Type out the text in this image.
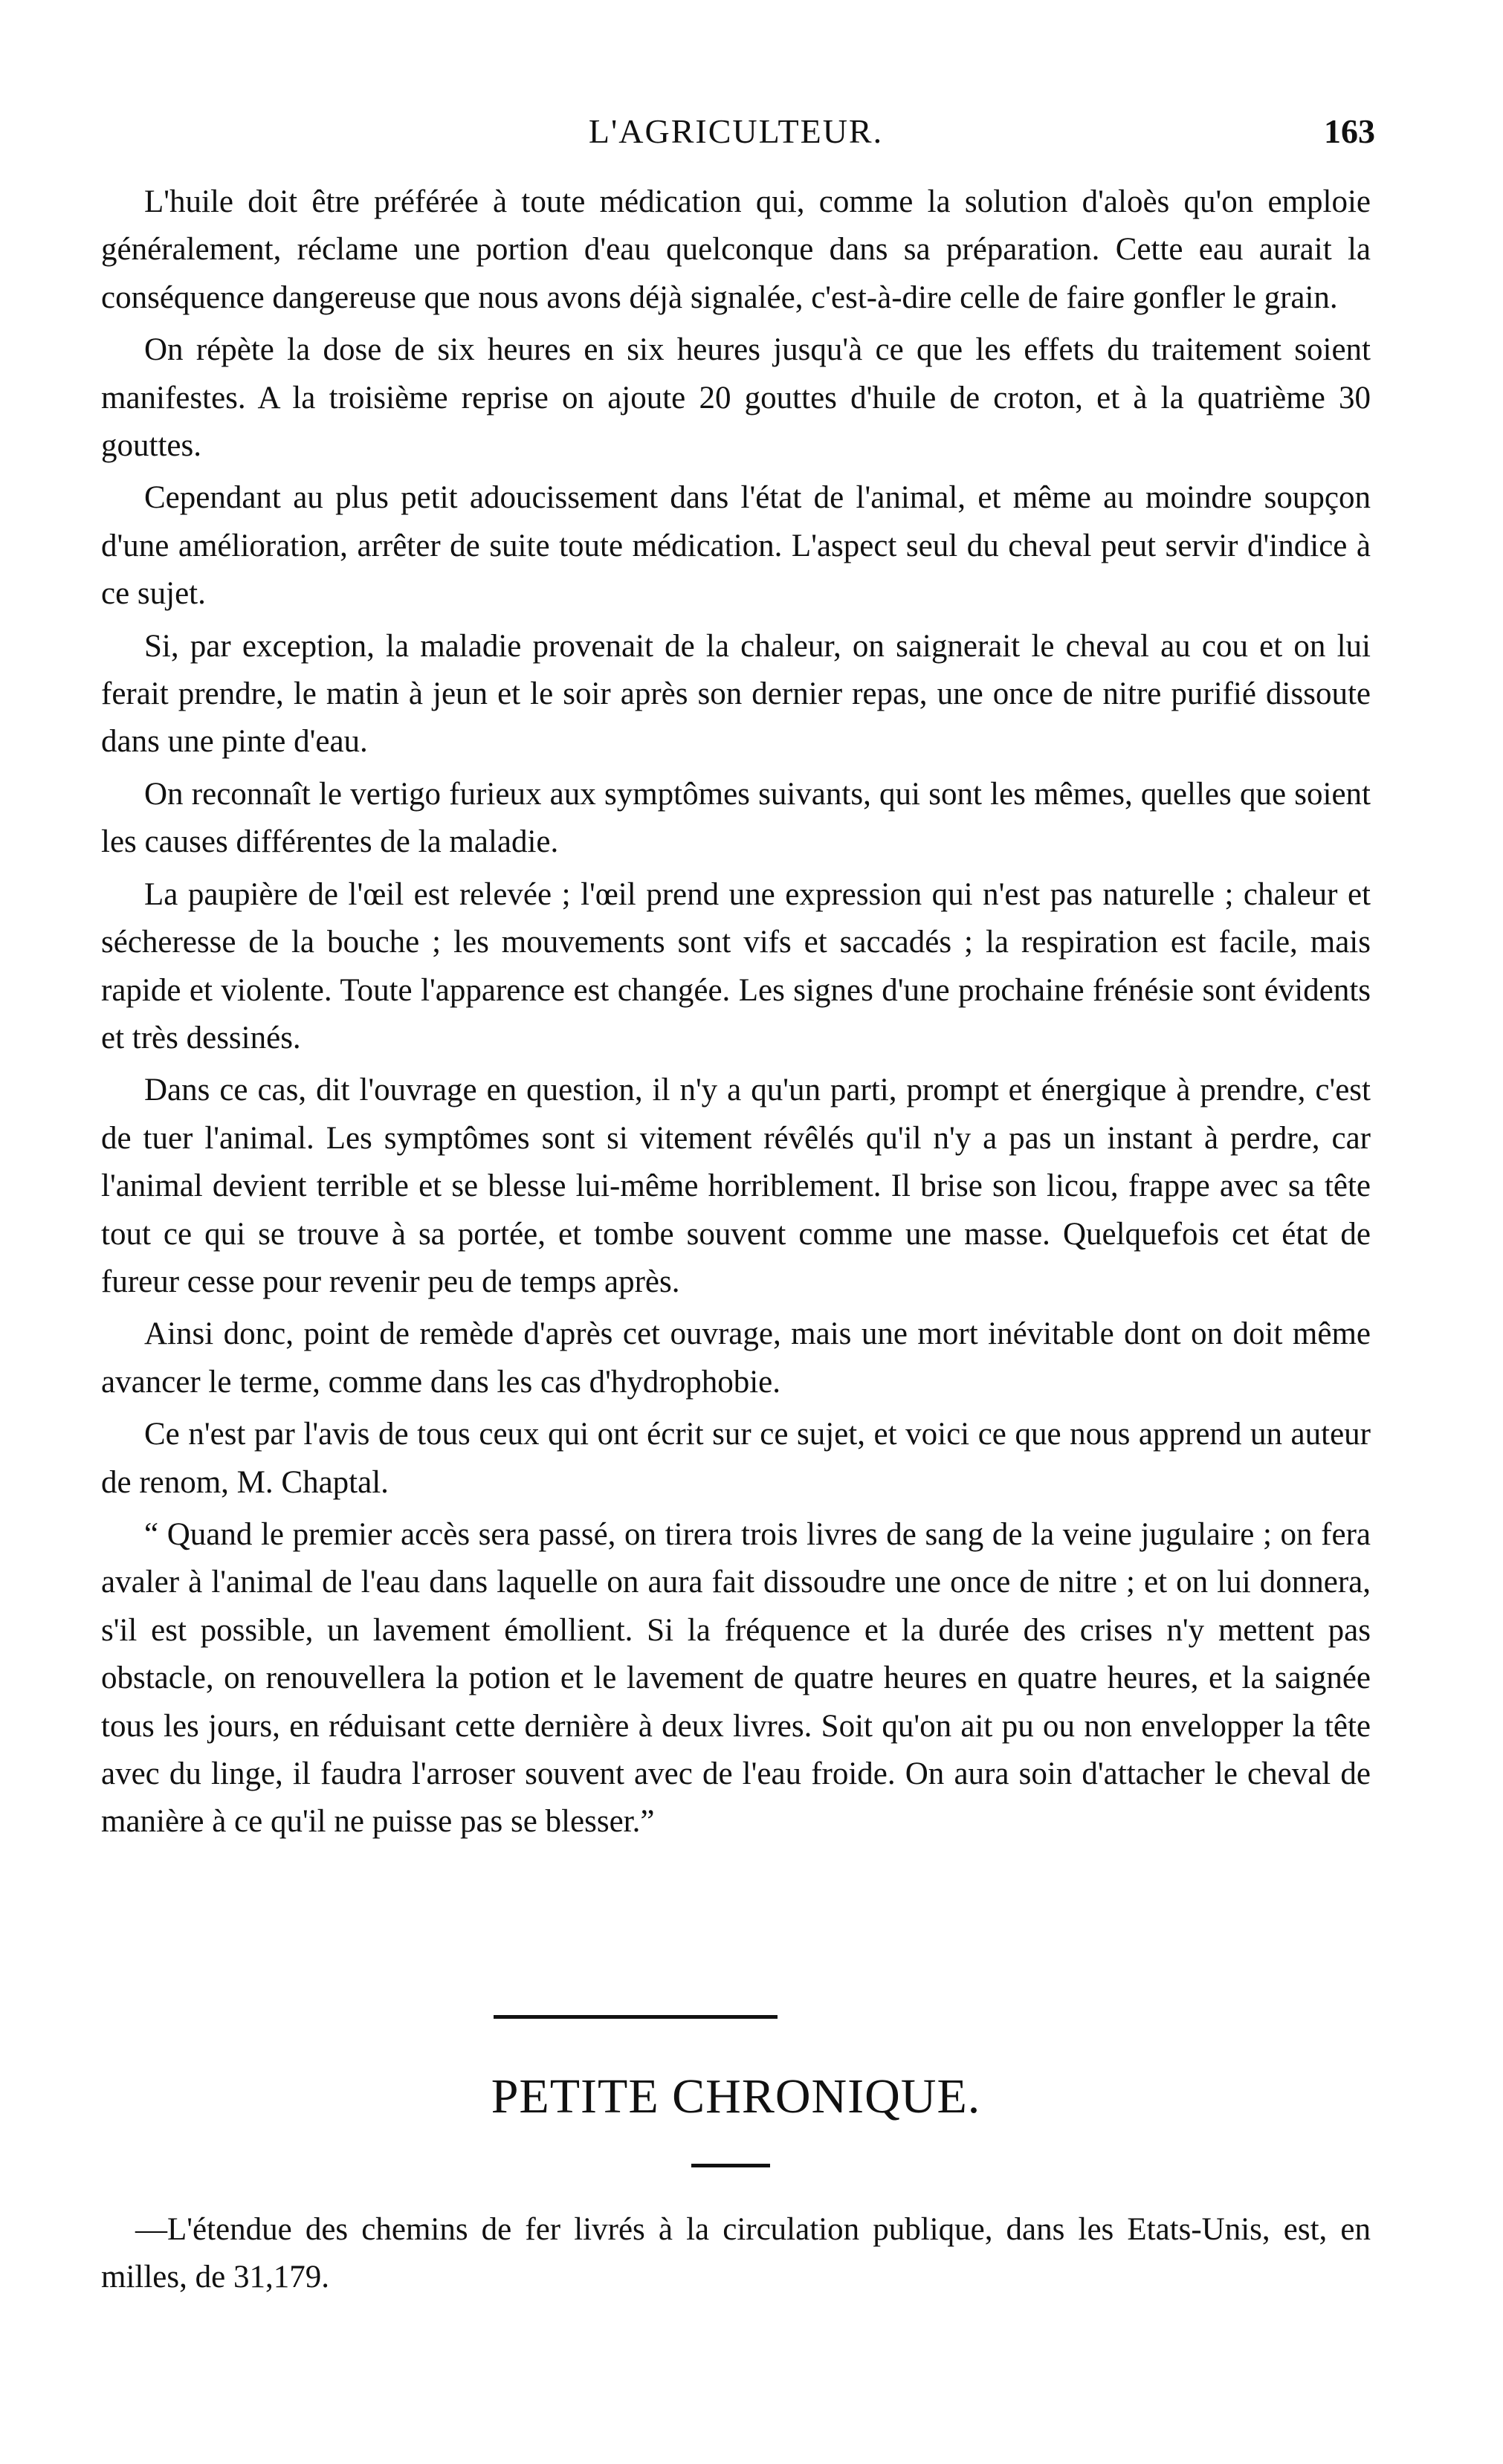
L'AGRICULTEUR.	163

L'huile doit être préférée à toute médication qui, comme la solution d'aloès qu'on emploie généralement, réclame une portion d'eau quelconque dans sa préparation. Cette eau aurait la conséquence dangereuse que nous avons déjà signalée, c'est-à-dire celle de faire gonfler le grain.

On répète la dose de six heures en six heures jusqu'à ce que les effets du traitement soient manifestes. A la troisième reprise on ajoute 20 gouttes d'huile de croton, et à la quatrième 30 gouttes.

Cependant au plus petit adoucissement dans l'état de l'animal, et même au moindre soupçon d'une amélioration, arrêter de suite toute médication. L'aspect seul du cheval peut servir d'indice à ce sujet.

Si, par exception, la maladie provenait de la chaleur, on saignerait le cheval au cou et on lui ferait prendre, le matin à jeun et le soir après son dernier repas, une once de nitre purifié dissoute dans une pinte d'eau.

On reconnaît le vertigo furieux aux symptômes suivants, qui sont les mêmes, quelles que soient les causes différentes de la maladie.

La paupière de l'œil est relevée ; l'œil prend une expression qui n'est pas naturelle ; chaleur et sécheresse de la bouche ; les mouvements sont vifs et saccadés ; la respiration est facile, mais rapide et violente. Toute l'apparence est changée. Les signes d'une prochaine frénésie sont évidents et très dessinés.

Dans ce cas, dit l'ouvrage en question, il n'y a qu'un parti, prompt et énergique à prendre, c'est de tuer l'animal. Les symptômes sont si vitement révêlés qu'il n'y a pas un instant à perdre, car l'animal devient terrible et se blesse lui-même horriblement. Il brise son licou, frappe avec sa tête tout ce qui se trouve à sa portée, et tombe souvent comme une masse. Quelquefois cet état de fureur cesse pour revenir peu de temps après.

Ainsi donc, point de remède d'après cet ouvrage, mais une mort inévitable dont on doit même avancer le terme, comme dans les cas d'hydrophobie.

Ce n'est par l'avis de tous ceux qui ont écrit sur ce sujet, et voici ce que nous apprend un auteur de renom, M. Chaptal.

“ Quand le premier accès sera passé, on tirera trois livres de sang de la veine jugulaire ; on fera avaler à l'animal de l'eau dans laquelle on aura fait dissoudre une once de nitre ; et on lui donnera, s'il est possible, un lavement émollient. Si la fréquence et la durée des crises n'y mettent pas obstacle, on renouvellera la potion et le lavement de quatre heures en quatre heures, et la saignée tous les jours, en réduisant cette dernière à deux livres. Soit qu'on ait pu ou non envelopper la tête avec du linge, il faudra l'arroser souvent avec de l'eau froide. On aura soin d'attacher le cheval de manière à ce qu'il ne puisse pas se blesser.”

PETITE CHRONIQUE.

—L'étendue des chemins de fer livrés à la circulation publique, dans les Etats-Unis, est, en milles, de 31,179.
